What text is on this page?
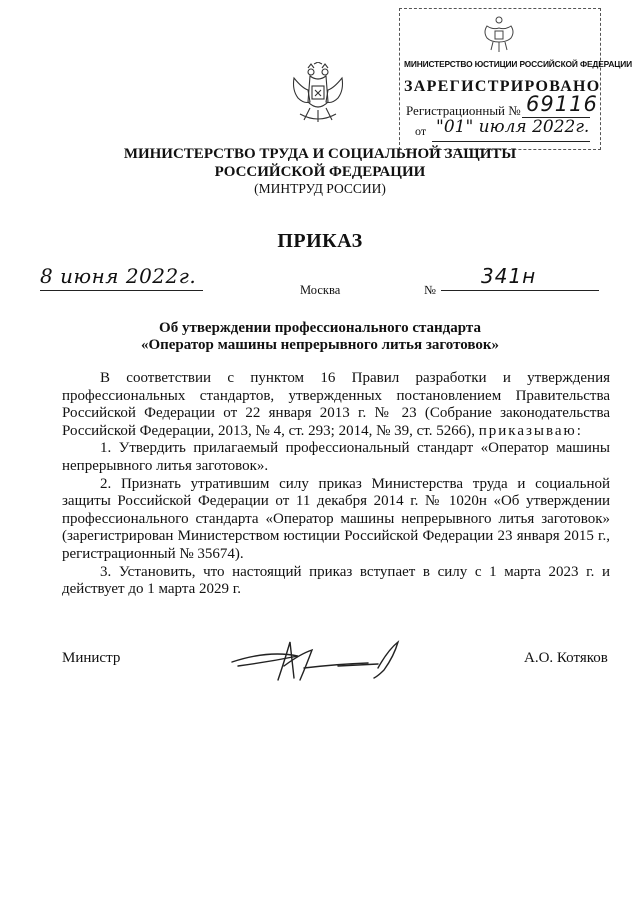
МИНИСТЕРСТВО ЮСТИЦИИ РОССИЙСКОЙ ФЕДЕРАЦИИ
ЗАРЕГИСТРИРОВАНО
Регистрационный № 69116
от "01" июля 2022г.
МИНИСТЕРСТВО ТРУДА И СОЦИАЛЬНОЙ ЗАЩИТЫ
РОССИЙСКОЙ ФЕДЕРАЦИИ
(МИНТРУД РОССИИ)
ПРИКАЗ
8 июня 2022г.
Москва	№
341н
Об утверждении профессионального стандарта
«Оператор машины непрерывного литья заготовок»

В соответствии с пунктом 16 Правил разработки и утверждения профессиональных стандартов, утвержденных постановлением Правительства Российской Федерации от 22 января 2013 г. № 23 (Собрание законодательства Российской Федерации, 2013, № 4, ст. 293; 2014, № 39, ст. 5266), приказываю:

1. Утвердить прилагаемый профессиональный стандарт «Оператор машины непрерывного литья заготовок».

2. Признать утратившим силу приказ Министерства труда и социальной защиты Российской Федерации от 11 декабря 2014 г. № 1020н «Об утверждении профессионального стандарта «Оператор машины непрерывного литья заготовок» (зарегистрирован Министерством юстиции Российской Федерации 23 января 2015 г., регистрационный № 35674).

3. Установить, что настоящий приказ вступает в силу с 1 марта 2023 г. и действует до 1 марта 2029 г.

Министр	А.О. Котяков
